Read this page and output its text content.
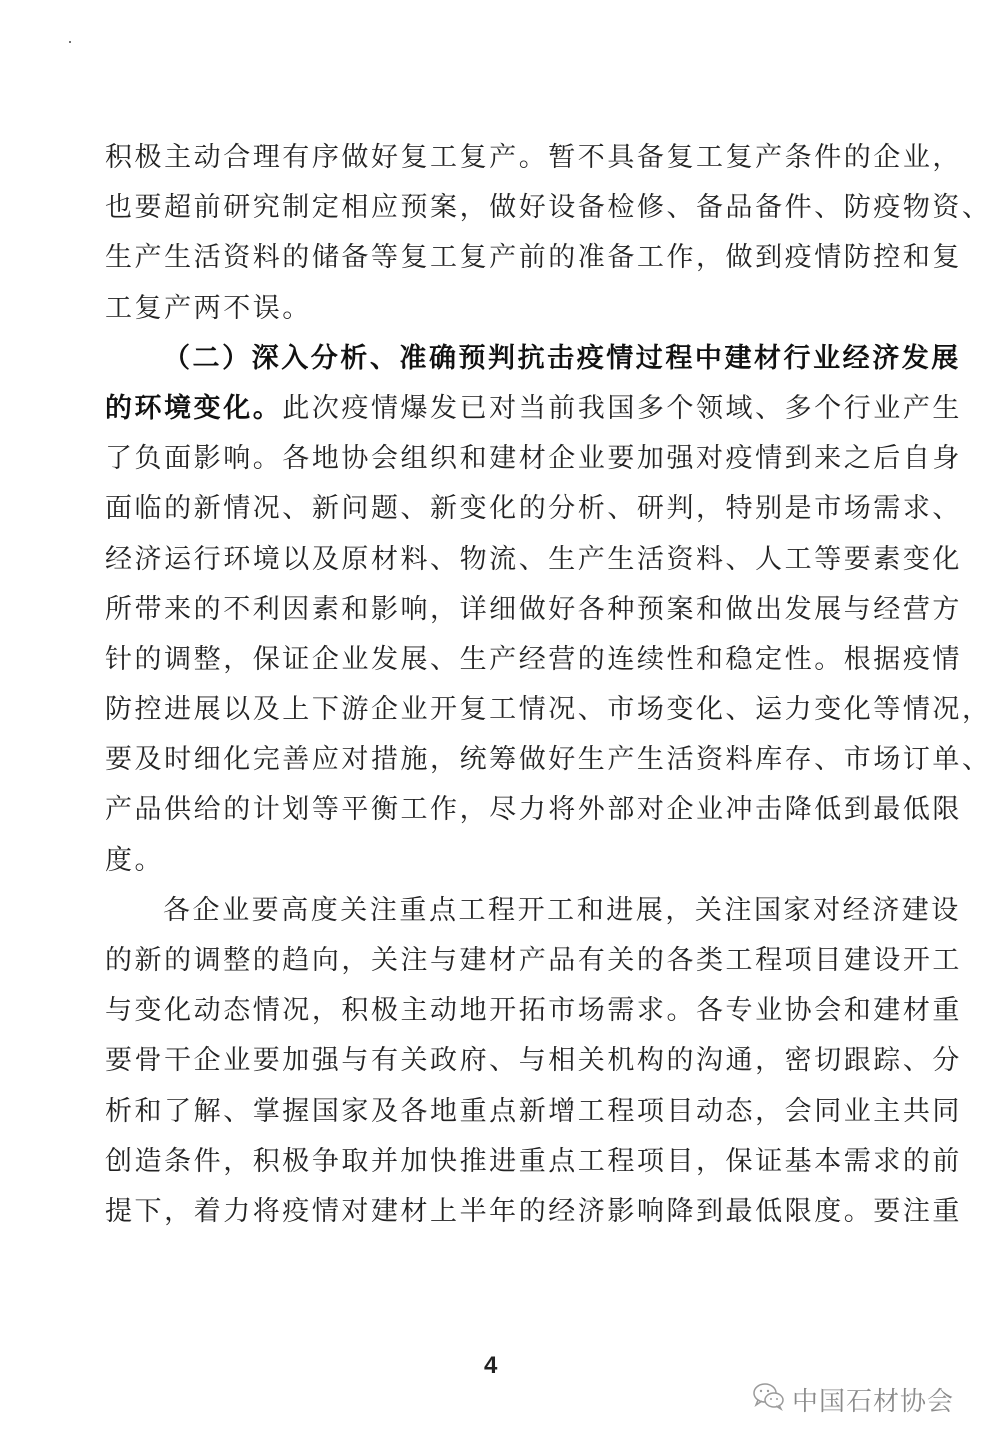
积极主动合理有序做好复工复产。暂不具备复工复产条件的企业，
也要超前研究制定相应预案，做好设备检修、备品备件、防疫物资、
生产生活资料的储备等复工复产前的准备工作，做到疫情防控和复
工复产两不误。
（二）深入分析、准确预判抗击疫情过程中建材行业经济发展
的环境变化。此次疫情爆发已对当前我国多个领域、多个行业产生
了负面影响。各地协会组织和建材企业要加强对疫情到来之后自身
面临的新情况、新问题、新变化的分析、研判，特别是市场需求、
经济运行环境以及原材料、物流、生产生活资料、人工等要素变化
所带来的不利因素和影响，详细做好各种预案和做出发展与经营方
针的调整，保证企业发展、生产经营的连续性和稳定性。根据疫情
防控进展以及上下游企业开复工情况、市场变化、运力变化等情况，
要及时细化完善应对措施，统筹做好生产生活资料库存、市场订单、
产品供给的计划等平衡工作，尽力将外部对企业冲击降低到最低限
度。
各企业要高度关注重点工程开工和进展，关注国家对经济建设
的新的调整的趋向，关注与建材产品有关的各类工程项目建设开工
与变化动态情况，积极主动地开拓市场需求。各专业协会和建材重
要骨干企业要加强与有关政府、与相关机构的沟通，密切跟踪、分
析和了解、掌握国家及各地重点新增工程项目动态，会同业主共同
创造条件，积极争取并加快推进重点工程项目，保证基本需求的前
提下，着力将疫情对建材上半年的经济影响降到最低限度。要注重
4
中国石材协会
